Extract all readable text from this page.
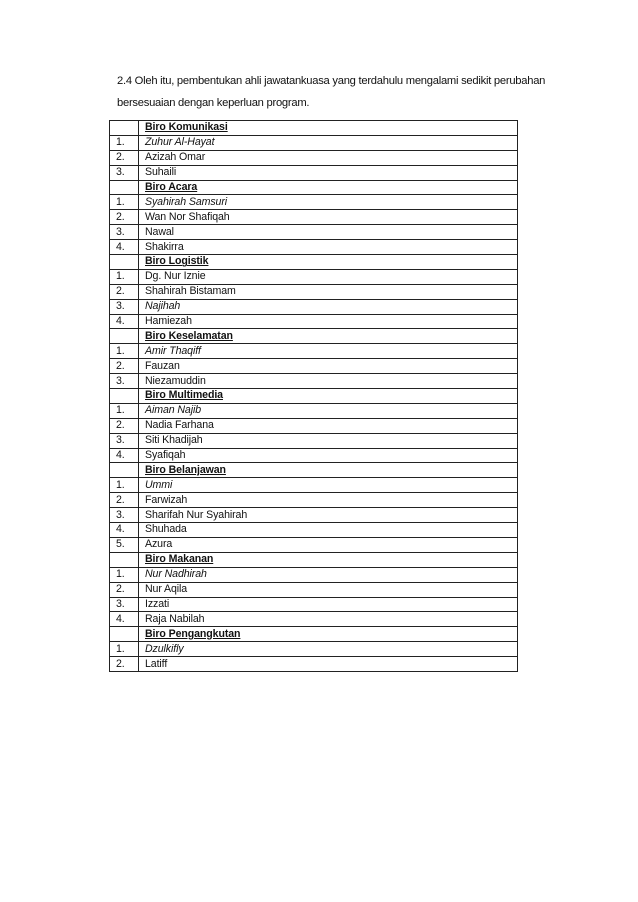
2.4 Oleh itu, pembentukan ahli jawatankuasa yang terdahulu mengalami sedikit perubahan

bersesuaian dengan keperluan program.

	Biro Komunikasi
1.	Zuhur Al-Hayat
2.	Azizah Omar
3.	Suhaili
	Biro Acara
1.	Syahirah Samsuri
2.	Wan Nor Shafiqah
3.	Nawal
4.	Shakirra
	Biro Logistik
1.	Dg. Nur Iznie
2.	Shahirah Bistamam
3.	Najihah
4.	Hamiezah
	Biro Keselamatan
1.	Amir Thaqiff
2.	Fauzan
3.	Niezamuddin
	Biro Multimedia
1.	Aiman Najib
2.	Nadia Farhana
3.	Siti Khadijah
4.	Syafiqah
	Biro Belanjawan
1.	Ummi
2.	Farwizah
3.	Sharifah Nur Syahirah
4.	Shuhada
5.	Azura
	Biro Makanan
1.	Nur Nadhirah
2.	Nur Aqila
3.	Izzati
4.	Raja Nabilah
	Biro Pengangkutan
1.	Dzulkifly
2.	Latiff
